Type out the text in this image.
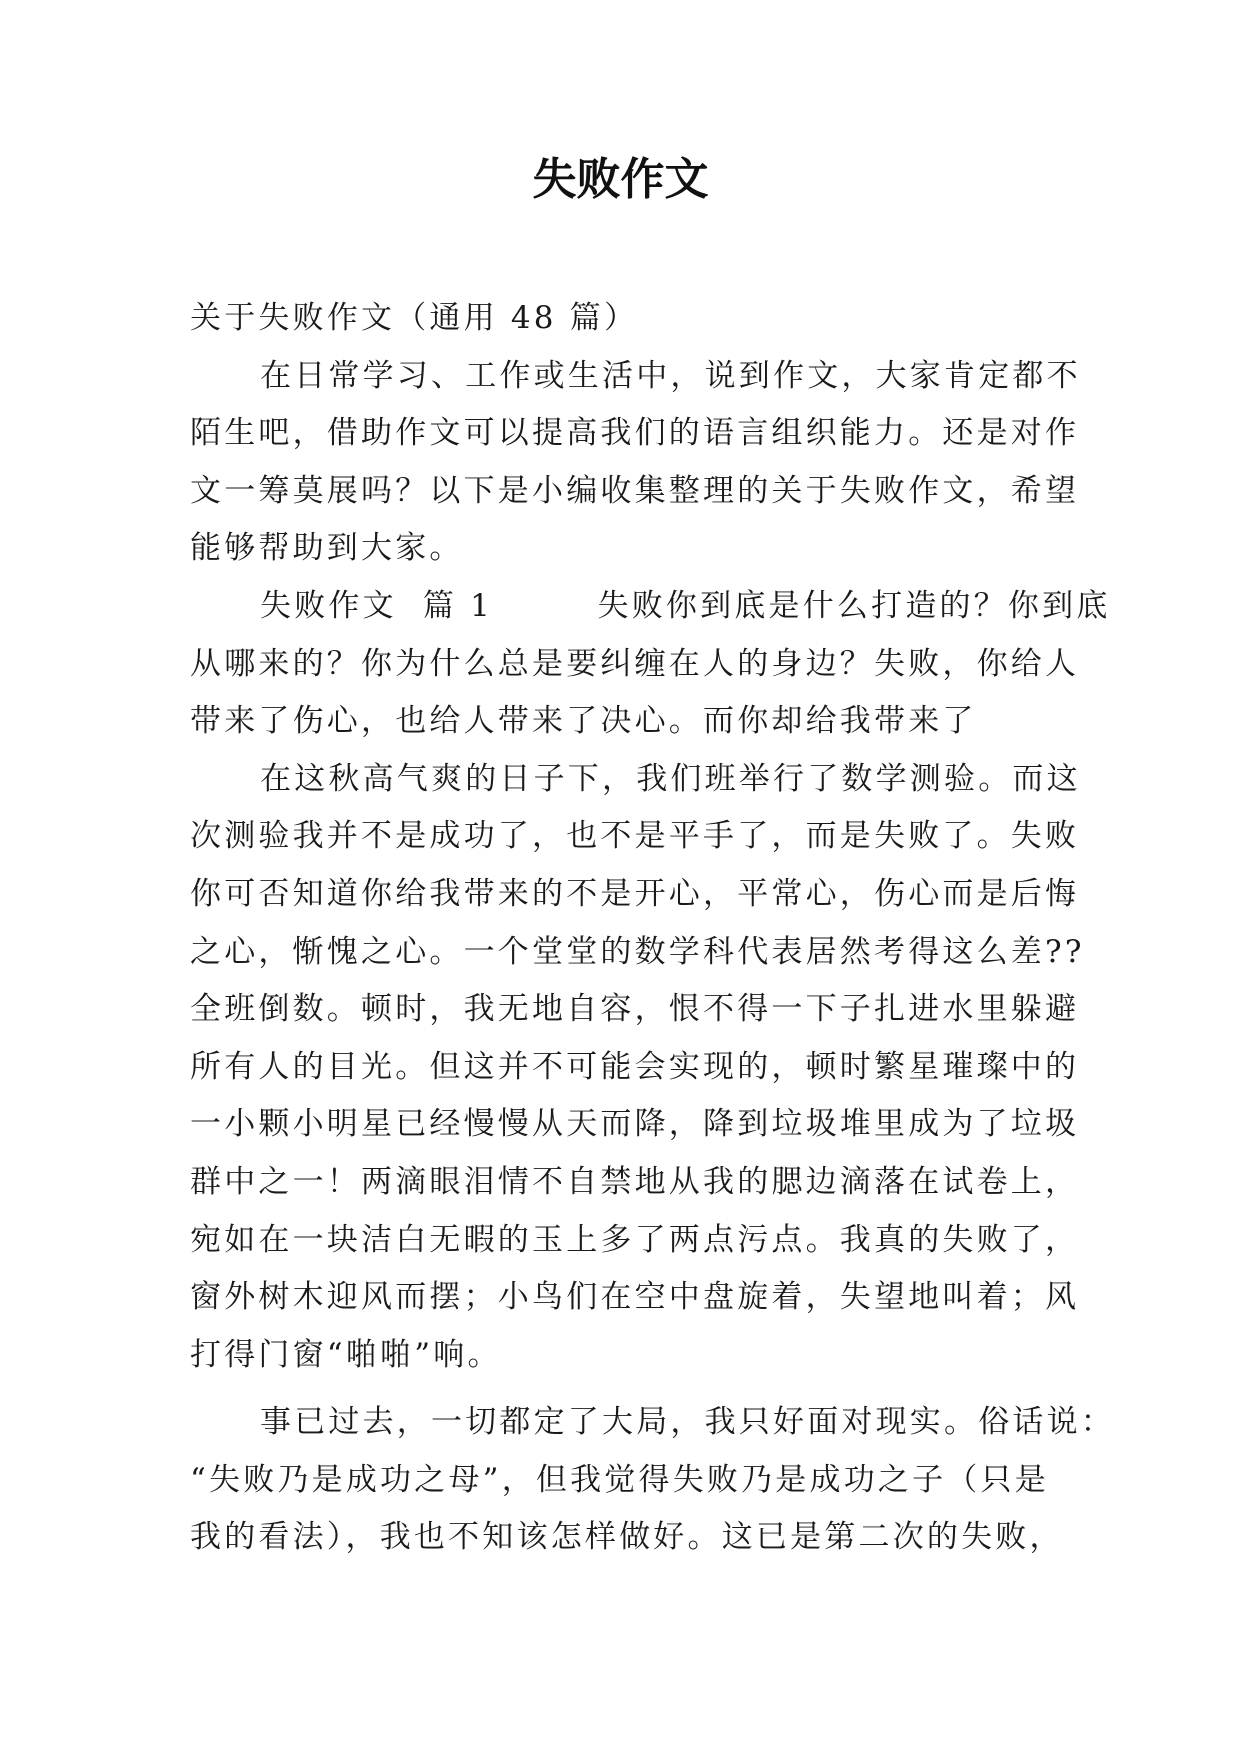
失败作文
关于失败作文（通用 48 篇）
在日常学习、工作或生活中，说到作文，大家肯定都不
陌生吧，借助作文可以提高我们的语言组织能力。还是对作
文一筹莫展吗？以下是小编收集整理的关于失败作文，希望
能够帮助到大家。
失败作文  篇 1        失败你到底是什么打造的？你到底
从哪来的？你为什么总是要纠缠在人的身边？失败，你给人
带来了伤心，也给人带来了决心。而你却给我带来了
在这秋高气爽的日子下，我们班举行了数学测验。而这
次测验我并不是成功了，也不是平手了，而是失败了。失败
你可否知道你给我带来的不是开心，平常心，伤心而是后悔
之心，惭愧之心。一个堂堂的数学科代表居然考得这么差??
全班倒数。顿时，我无地自容，恨不得一下子扎进水里躲避
所有人的目光。但这并不可能会实现的，顿时繁星璀璨中的
一小颗小明星已经慢慢从天而降，降到垃圾堆里成为了垃圾
群中之一！两滴眼泪情不自禁地从我的腮边滴落在试卷上，
宛如在一块洁白无暇的玉上多了两点污点。我真的失败了，
窗外树木迎风而摆；小鸟们在空中盘旋着，失望地叫着；风
打得门窗“啪啪”响。
事已过去，一切都定了大局，我只好面对现实。俗话说：
“失败乃是成功之母”，但我觉得失败乃是成功之子（只是
我的看法），我也不知该怎样做好。这已是第二次的失败，
